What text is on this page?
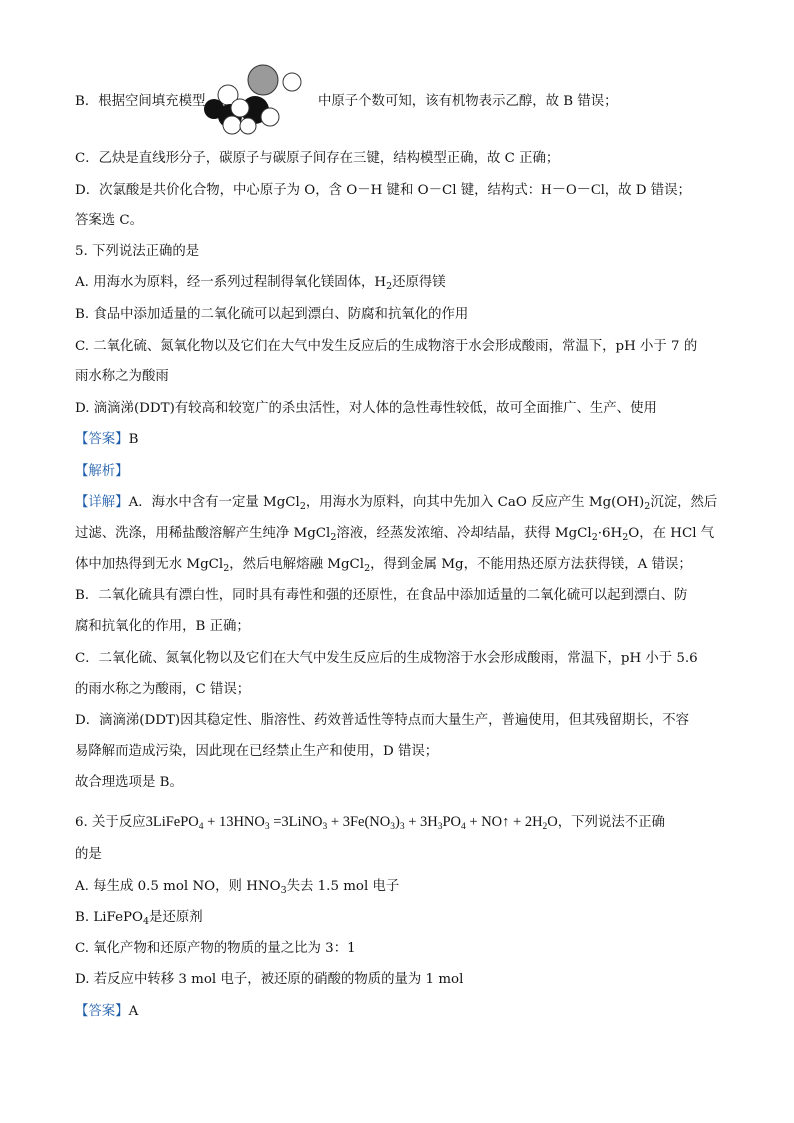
B．根据空间填充模型	中原子个数可知，该有机物表示乙醇，故 B 错误；
C．乙炔是直线形分子，碳原子与碳原子间存在三键，结构模型正确，故 C 正确；
D．次氯酸是共价化合物，中心原子为 O，含 O－H 键和 O－Cl 键，结构式：H－O－Cl，故 D 错误；
答案选 C。
5. 下列说法正确的是
A. 用海水为原料，经一系列过程制得氧化镁固体，$H_2$还原得镁
B. 食品中添加适量的二氧化硫可以起到漂白、防腐和抗氧化的作用
C. 二氧化硫、氮氧化物以及它们在大气中发生反应后的生成物溶于水会形成酸雨，常温下，pH 小于 7 的
雨水称之为酸雨
D. 滴滴涕(DDT)有较高和较宽广的杀虫活性，对人体的急性毒性较低，故可全面推广、生产、使用
【答案】B
【解析】
【详解】A．海水中含有一定量 MgCl$_2$，用海水为原料，向其中先加入 CaO 反应产生 $Mg(OH)_2$沉淀，然后
过滤、洗涤，用稀盐酸溶解产生纯净 MgCl$_2$溶液，经蒸发浓缩、冷却结晶，获得 $MgCl_2\cdot 6H_2O$，在 HCl 气
体中加热得到无水 MgCl$_2$，然后电解熔融 MgCl$_2$，得到金属 Mg，不能用热还原方法获得镁，A 错误；
B．二氧化硫具有漂白性，同时具有毒性和强的还原性，在食品中添加适量的二氧化硫可以起到漂白、防
腐和抗氧化的作用，B 正确；
C．二氧化硫、氮氧化物以及它们在大气中发生反应后的生成物溶于水会形成酸雨，常温下，pH 小于 5.6
的雨水称之为酸雨，C 错误；
D．滴滴涕(DDT)因其稳定性、脂溶性、药效普适性等特点而大量生产，普遍使用，但其残留期长，不容
易降解而造成污染，因此现在已经禁止生产和使用，D 错误；
故合理选项是 B。
6. 关于反应3LiFePO$_4$ + $13HNO_3$ =3LiNO$_3$ + $3Fe(NO_3)_3 + 3H_3PO_4$ + NO↑ + $2H_2O$，下列说法不正确
的是
A. 每生成 0.5 mol NO，则 $HNO_3$失去 1.5 mol 电子
B. LiFePO$_4$是还原剂
C. 氧化产物和还原产物的物质的量之比为 3：1
D. 若反应中转移 3 mol 电子，被还原的硝酸的物质的量为 1 mol
【答案】A
